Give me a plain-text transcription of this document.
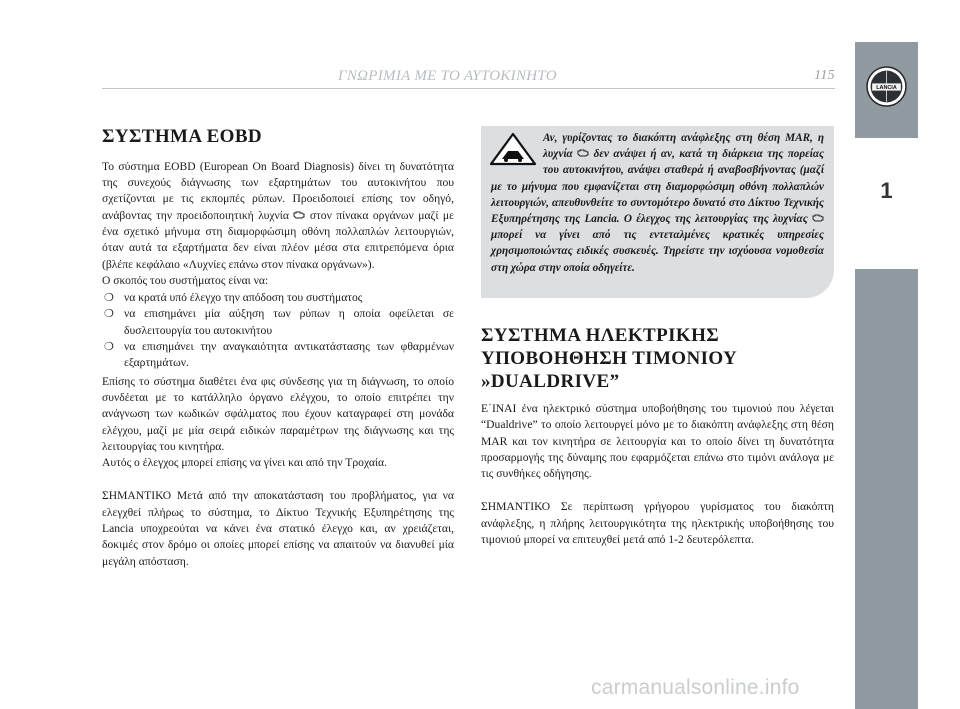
ΓΝΩΡΙΜΙΑ ΜΕ ΤΟ ΑΥΤΟΚΙΝΗΤΟ	115
1
LANCIA
ΣΥΣΤΗΜΑ EOBD

Το σύστημα EOBD (European On Board Diagnosis) δίνει τη δυνατότητα της συνεχούς διάγνωσης των εξαρτημάτων του αυτοκινήτου που σχετίζονται με τις εκπομπές ρύπων. Προειδοποιεί επίσης τον οδηγό, ανάβοντας την προειδοποιητική λυχνία στον πίνακα οργάνων μαζί με ένα σχετικό μήνυμα στη διαμορφώσιμη οθόνη πολλαπλών λειτουργιών, όταν αυτά τα εξαρτήματα δεν είναι πλέον μέσα στα επιτρεπόμενα όρια (βλέπε κεφάλαιο «Λυχνίες επάνω στον πίνακα οργάνων»).

Ο σκοπός του συστήματος είναι να:

❍ να κρατά υπό έλεγχο την απόδοση του συστήματος
❍ να επισημάνει μία αύξηση των ρύπων η οποία οφείλεται σε δυσλειτουργία του αυτοκινήτου
❍ να επισημάνει την αναγκαιότητα αντικατάστασης των φθαρμένων εξαρτημάτων.

Επίσης το σύστημα διαθέτει ένα φις σύνδεσης για τη διάγνωση, το οποίο συνδέεται με το κατάλληλο όργανο ελέγχου, το οποίο επιτρέπει την ανάγνωση των κωδικών σφάλματος που έχουν καταγραφεί στη μονάδα ελέγχου, μαζί με μία σειρά ειδικών παραμέτρων της διάγνωσης και της λειτουργίας του κινητήρα.

Αυτός ο έλεγχος μπορεί επίσης να γίνει και από την Τροχαία.

ΣΗΜΑΝΤΙΚΟ Μετά από την αποκατάσταση του προβλήματος, για να ελεγχθεί πλήρως το σύστημα, το Δίκτυο Τεχνικής Εξυπηρέτησης της Lancia υποχρεούται να κάνει ένα στατικό έλεγχο και, αν χρειάζεται, δοκιμές στον δρόμο οι οποίες μπορεί επίσης να απαιτούν να διανυθεί μία μεγάλη απόσταση.

Αν, γυρίζοντας το διακόπτη ανάφλεξης στη θέση MAR, η λυχνία δεν ανάψει ή αν, κατά τη διάρκεια της πορείας του αυτοκινήτου, ανάψει σταθερά ή αναβοσβήνοντας (μαζί με το μήνυμα που εμφανίζεται στη διαμορφώσιμη οθόνη πολλαπλών λειτουργιών, απευθυνθείτε το συντομότερο δυνατό στο Δίκτυο Τεχνικής Εξυπηρέτησης της Lancia. Ο έλεγχος της λειτουργίας της λυχνίας  μπορεί να γίνει από τις εντεταλμένες κρατικές υπηρεσίες χρησιμοποιώντας ειδικές συσκευές. Τηρείστε την ισχύουσα νομοθεσία στη χώρα στην οποία οδηγείτε.
ΣΥΣΤΗΜΑ ΗΛΕΚΤΡΙΚΗΣ
ΥΠΟΒΟΗΘΗΣΗ ΤΙΜΟΝΙΟΥ
»DUALDRIVE”

Ε΄ΙΝΑΙ ένα ηλεκτρικό σύστημα υποβοήθησης του τιμονιού που λέγεται “Dualdrive” το οποίο λειτουργεί μόνο με το διακόπτη ανάφλεξης στη θέση MAR και τον κινητήρα σε λειτουργία και το οποίο δίνει τη δυνατότητα προσαρμογής της δύναμης που εφαρμόζεται επάνω στο τιμόνι ανάλογα με τις συνθήκες οδήγησης.

ΣΗΜΑΝΤΙΚΟ Σε περίπτωση γρήγορου γυρίσματος του διακόπτη ανάφλεξης, η πλήρης λειτουργικότητα της ηλεκτρικής υποβοήθησης του τιμονιού μπορεί να επιτευχθεί μετά από 1-2 δευτερόλεπτα.

carmanualsonline.info
